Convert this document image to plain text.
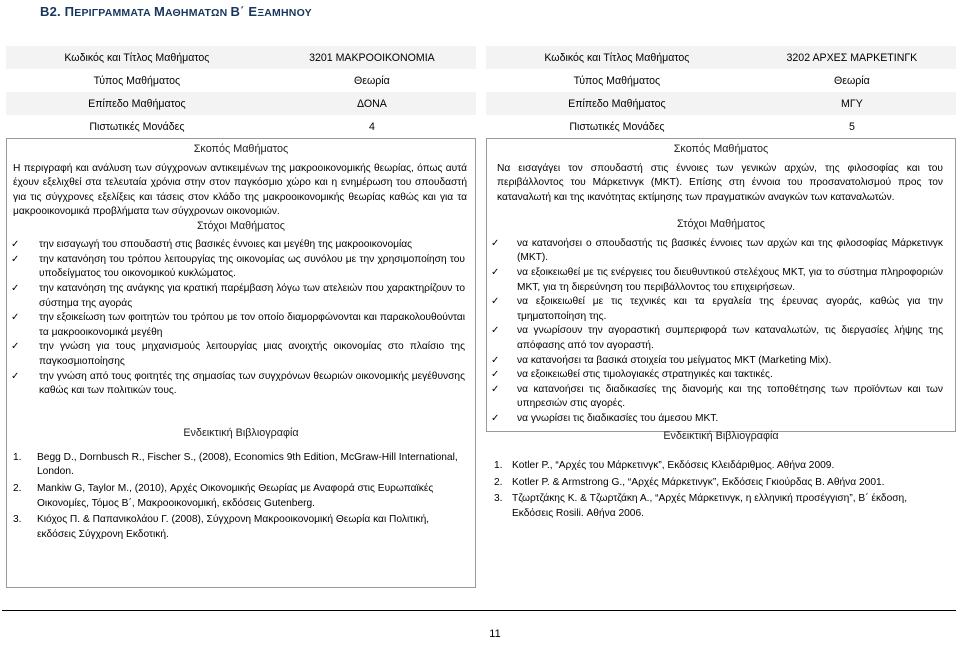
B2. ΠΕΡΙΓΡΑΜΜΑΤΑ ΜΑΘΗΜΑΤΩΝ Β΄ ΕΞΑΜΗΝΟΥ
Κωδικός και Τίτλος Μαθήματος	3201 ΜΑΚΡΟΟΙΚΟΝΟΜΙΑ
Τύπος Μαθήματος	Θεωρία
Επίπεδο Μαθήματος	ΔΟΝΑ
Πιστωτικές Μονάδες	4
Σκοπός Μαθήματος
Η περιγραφή και ανάλυση των σύγχρονων αντικειμένων της μακροοικονομικής θεωρίας, όπως αυτά έχουν εξελιχθεί στα τελευταία χρόνια στην στον παγκόσμιο χώρο και η ενημέρωση του σπουδαστή για τις σύγχρονες εξελίξεις και τάσεις στον κλάδο της μακροοικονομικής θεωρίας καθώς και για τα μακροοικονομικά προβλήματα των σύγχρονων οικονομιών.
Στόχοι Μαθήματος
✓ την εισαγωγή του σπουδαστή στις βασικές έννοιες και μεγέθη της μακροοικονομίας
✓ την κατανόηση του τρόπου λειτουργίας της οικονομίας ως συνόλου με την χρησιμοποίηση του υποδείγματος του οικονομικού κυκλώματος.
✓ την κατανόηση της ανάγκης για κρατική παρέμβαση λόγω των ατελειών που χαρακτηρίζουν το σύστημα της αγοράς
✓ την εξοικείωση των φοιτητών του τρόπου με τον οποίο διαμορφώνονται και παρακολουθούνται τα μακροοικονομικά μεγέθη
✓ την γνώση για τους μηχανισμούς λειτουργίας μιας ανοιχτής οικονομίας στο πλαίσιο της παγκοσμιοποίησης
✓ την γνώση από τους φοιτητές της σημασίας των συγχρόνων θεωριών οικονομικής μεγέθυνσης καθώς και των πολιτικών τους.
Ενδεικτική Βιβλιογραφία
1. Begg D., Dornbusch R., Fischer S., (2008), Economics 9th Edition, McGraw-Hill International, London.
2. Mankiw G, Taylor M., (2010), Αρχές Οικονομικής Θεωρίας με Αναφορά στις Ευρωπαϊκές Οικονομίες, Τόμος Β΄, Μακροοικονομική, εκδόσεις Gutenberg.
3. Κιόχος Π. & Παπανικολάου Γ. (2008), Σύγχρονη Μακροοικονομική Θεωρία και Πολιτική, εκδόσεις Σύγχρονη Εκδοτική.
Κωδικός και Τίτλος Μαθήματος	3202 ΑΡΧΕΣ ΜΑΡΚΕΤΙΝΓΚ
Τύπος Μαθήματος	Θεωρία
Επίπεδο Μαθήματος	ΜΓΥ
Πιστωτικές Μονάδες	5
Σκοπός Μαθήματος
Να εισαγάγει τον σπουδαστή στις έννοιες των γενικών αρχών, της φιλοσοφίας και του περιβάλλοντος του Μάρκετινγκ (ΜΚΤ). Επίσης στη έννοια του προσανατολισμού προς τον καταναλωτή και της ικανότητας εκτίμησης των πραγματικών αναγκών των καταναλωτών.
Στόχοι Μαθήματος
✓ να κατανοήσει ο σπουδαστής τις βασικές έννοιες των αρχών και της φιλοσοφίας Μάρκετινγκ (ΜΚΤ).
✓ να εξοικειωθεί με τις ενέργειες του διευθυντικού στελέχους ΜΚΤ, για το σύστημα πληροφοριών ΜΚΤ, για τη διερεύνηση του περιβάλλοντος του επιχειρήσεων.
✓ να εξοικειωθεί με τις τεχνικές και τα εργαλεία της έρευνας αγοράς, καθώς για την τμηματοποίηση της.
✓ να γνωρίσουν την αγοραστική συμπεριφορά των καταναλωτών, τις διεργασίες λήψης της απόφασης από τον αγοραστή.
✓ να κατανοήσει τα βασικά στοιχεία του μείγματος ΜΚΤ (Marketing Mix).
✓ να εξοικειωθεί στις τιμολογιακές στρατηγικές και τακτικές.
✓ να κατανοήσει τις διαδικασίες της διανομής και της τοποθέτησης των προϊόντων και των υπηρεσιών στις αγορές.
✓ να γνωρίσει τις διαδικασίες του άμεσου ΜΚΤ.
Ενδεικτική Βιβλιογραφία
1. Kotler P., “Αρχές του Μάρκετινγκ”, Εκδόσεις Κλειδάριθμος. Αθήνα 2009.
2. Kotler P. & Armstrong G., “Αρχές Μάρκετινγκ”, Εκδόσεις Γκιούρδας Β. Αθήνα 2001.
3. Τζωρτζάκης Κ. & Τζωρτζάκη Α., “Αρχές Μάρκετινγκ, η ελληνική προσέγγιση”, Β΄ έκδοση, Εκδόσεις Rosili. Αθήνα 2006.
11
